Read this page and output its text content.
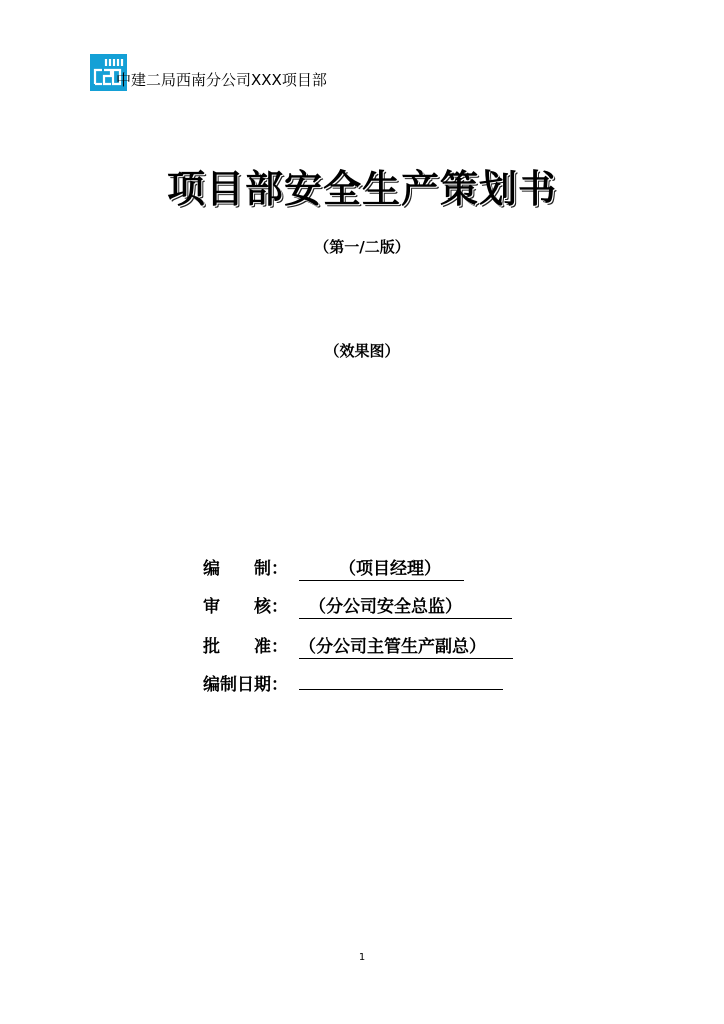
中建二局西南分公司XXX项目部
项目部安全生产策划书
（第一/二版）
（效果图）
编　　制：	（项目经理）
审　　核：	（分公司安全总监）
批　　准： （分公司主管生产副总）
编制日期：
1
